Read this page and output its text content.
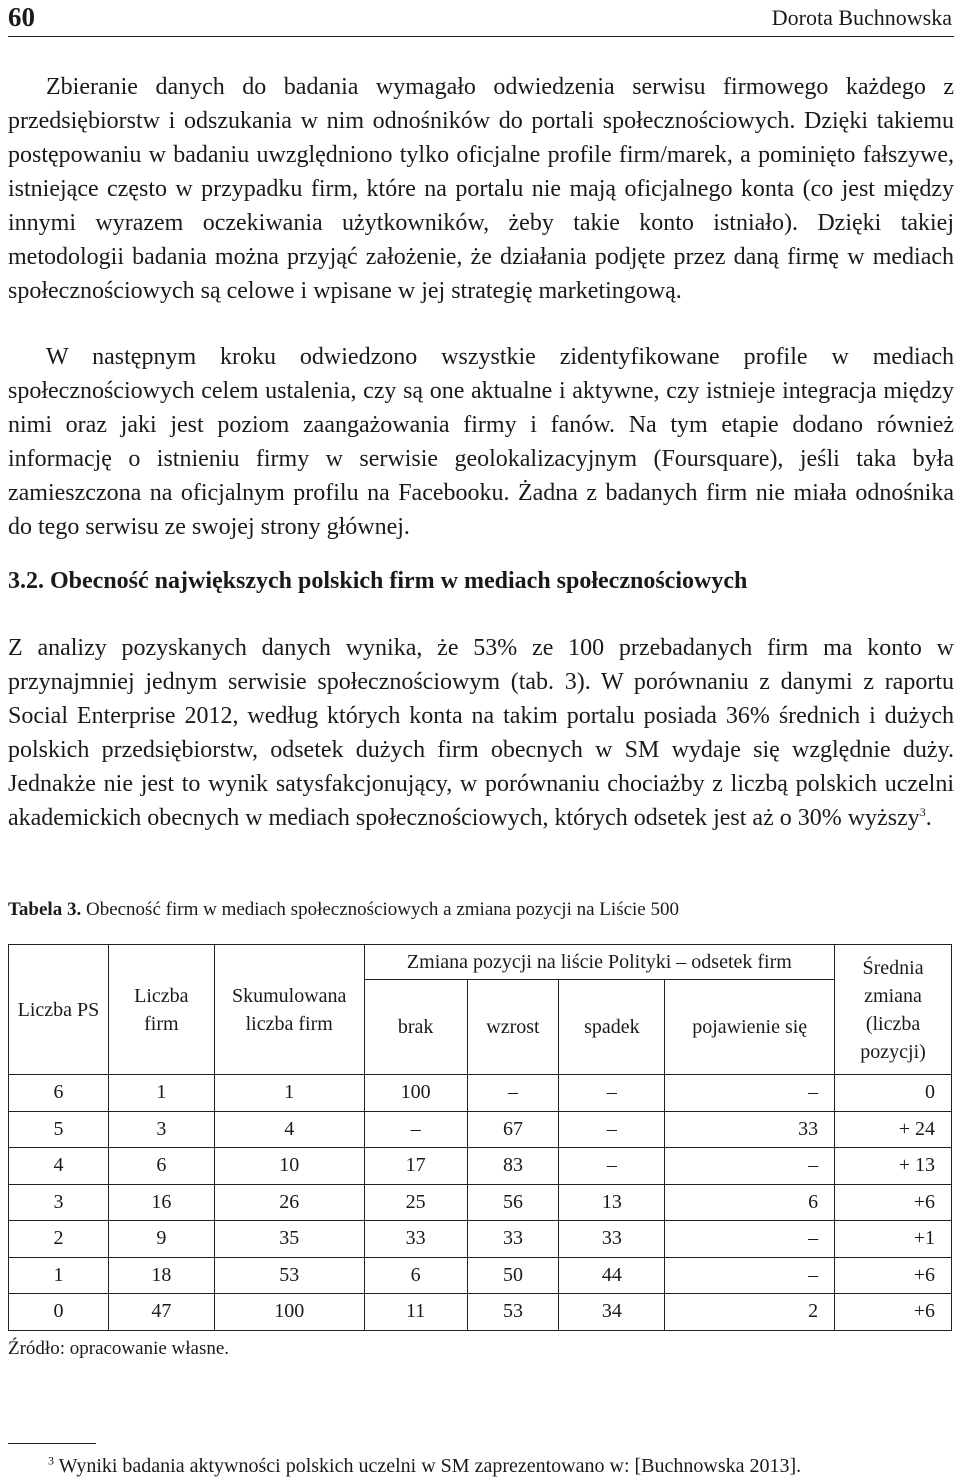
60	Dorota Buchnowska

Zbieranie danych do badania wymagało odwiedzenia serwisu firmowego każdego z przedsiębiorstw i odszukania w nim odnośników do portali społecznościowych. Dzięki takiemu postępowaniu w badaniu uwzględniono tylko oficjalne profile firm/marek, a pominięto fałszywe, istniejące często w przypadku firm, które na portalu nie mają oficjalnego konta (co jest między innymi wyrazem oczekiwania użytkowników, żeby takie konto istniało). Dzięki takiej metodologii badania można przyjąć założenie, że działania podjęte przez daną firmę w mediach społecznościowych są celowe i wpisane w jej strategię marketingową.

W następnym kroku odwiedzono wszystkie zidentyfikowane profile w mediach społecznościowych celem ustalenia, czy są one aktualne i aktywne, czy istnieje integracja między nimi oraz jaki jest poziom zaangażowania firmy i fanów. Na tym etapie dodano również informację o istnieniu firmy w serwisie geolokalizacyjnym (Foursquare), jeśli taka była zamieszczona na oficjalnym profilu na Facebooku. Żadna z badanych firm nie miała odnośnika do tego serwisu ze swojej strony głównej.

3.2. Obecność największych polskich firm w mediach społecznościowych

Z analizy pozyskanych danych wynika, że 53% ze 100 przebadanych firm ma konto w przynajmniej jednym serwisie społecznościowym (tab. 3). W porównaniu z danymi z raportu Social Enterprise 2012, według których konta na takim portalu posiada 36% średnich i dużych polskich przedsiębiorstw, odsetek dużych firm obecnych w SM wydaje się względnie duży. Jednakże nie jest to wynik satysfakcjonujący, w porównaniu chociażby z liczbą polskich uczelni akademickich obecnych w mediach społecznościowych, których odsetek jest aż o 30% wyższy$^3$.

Tabela 3. Obecność firm w mediach społecznościowych a zmiana pozycji na Liście 500
Liczba PS	Liczba firm	Skumulowana liczba firm	Zmiana pozycji na liście Polityki – odsetek firm				Średnia zmiana (liczba pozycji)
			brak	wzrost	spadek	pojawienie się	
6	1	1	100	–	–	–	0
5	3	4	–	67	–	33	+ 24
4	6	10	17	83	–	–	+ 13
3	16	26	25	56	13	6	+6
2	9	35	33	33	33	–	+1
1	18	53	6	50	44	–	+6
0	47	100	11	53	34	2	+6
Źródło: opracowanie własne.
$^3$ Wyniki badania aktywności polskich uczelni w SM zaprezentowano w: [Buchnowska 2013].
